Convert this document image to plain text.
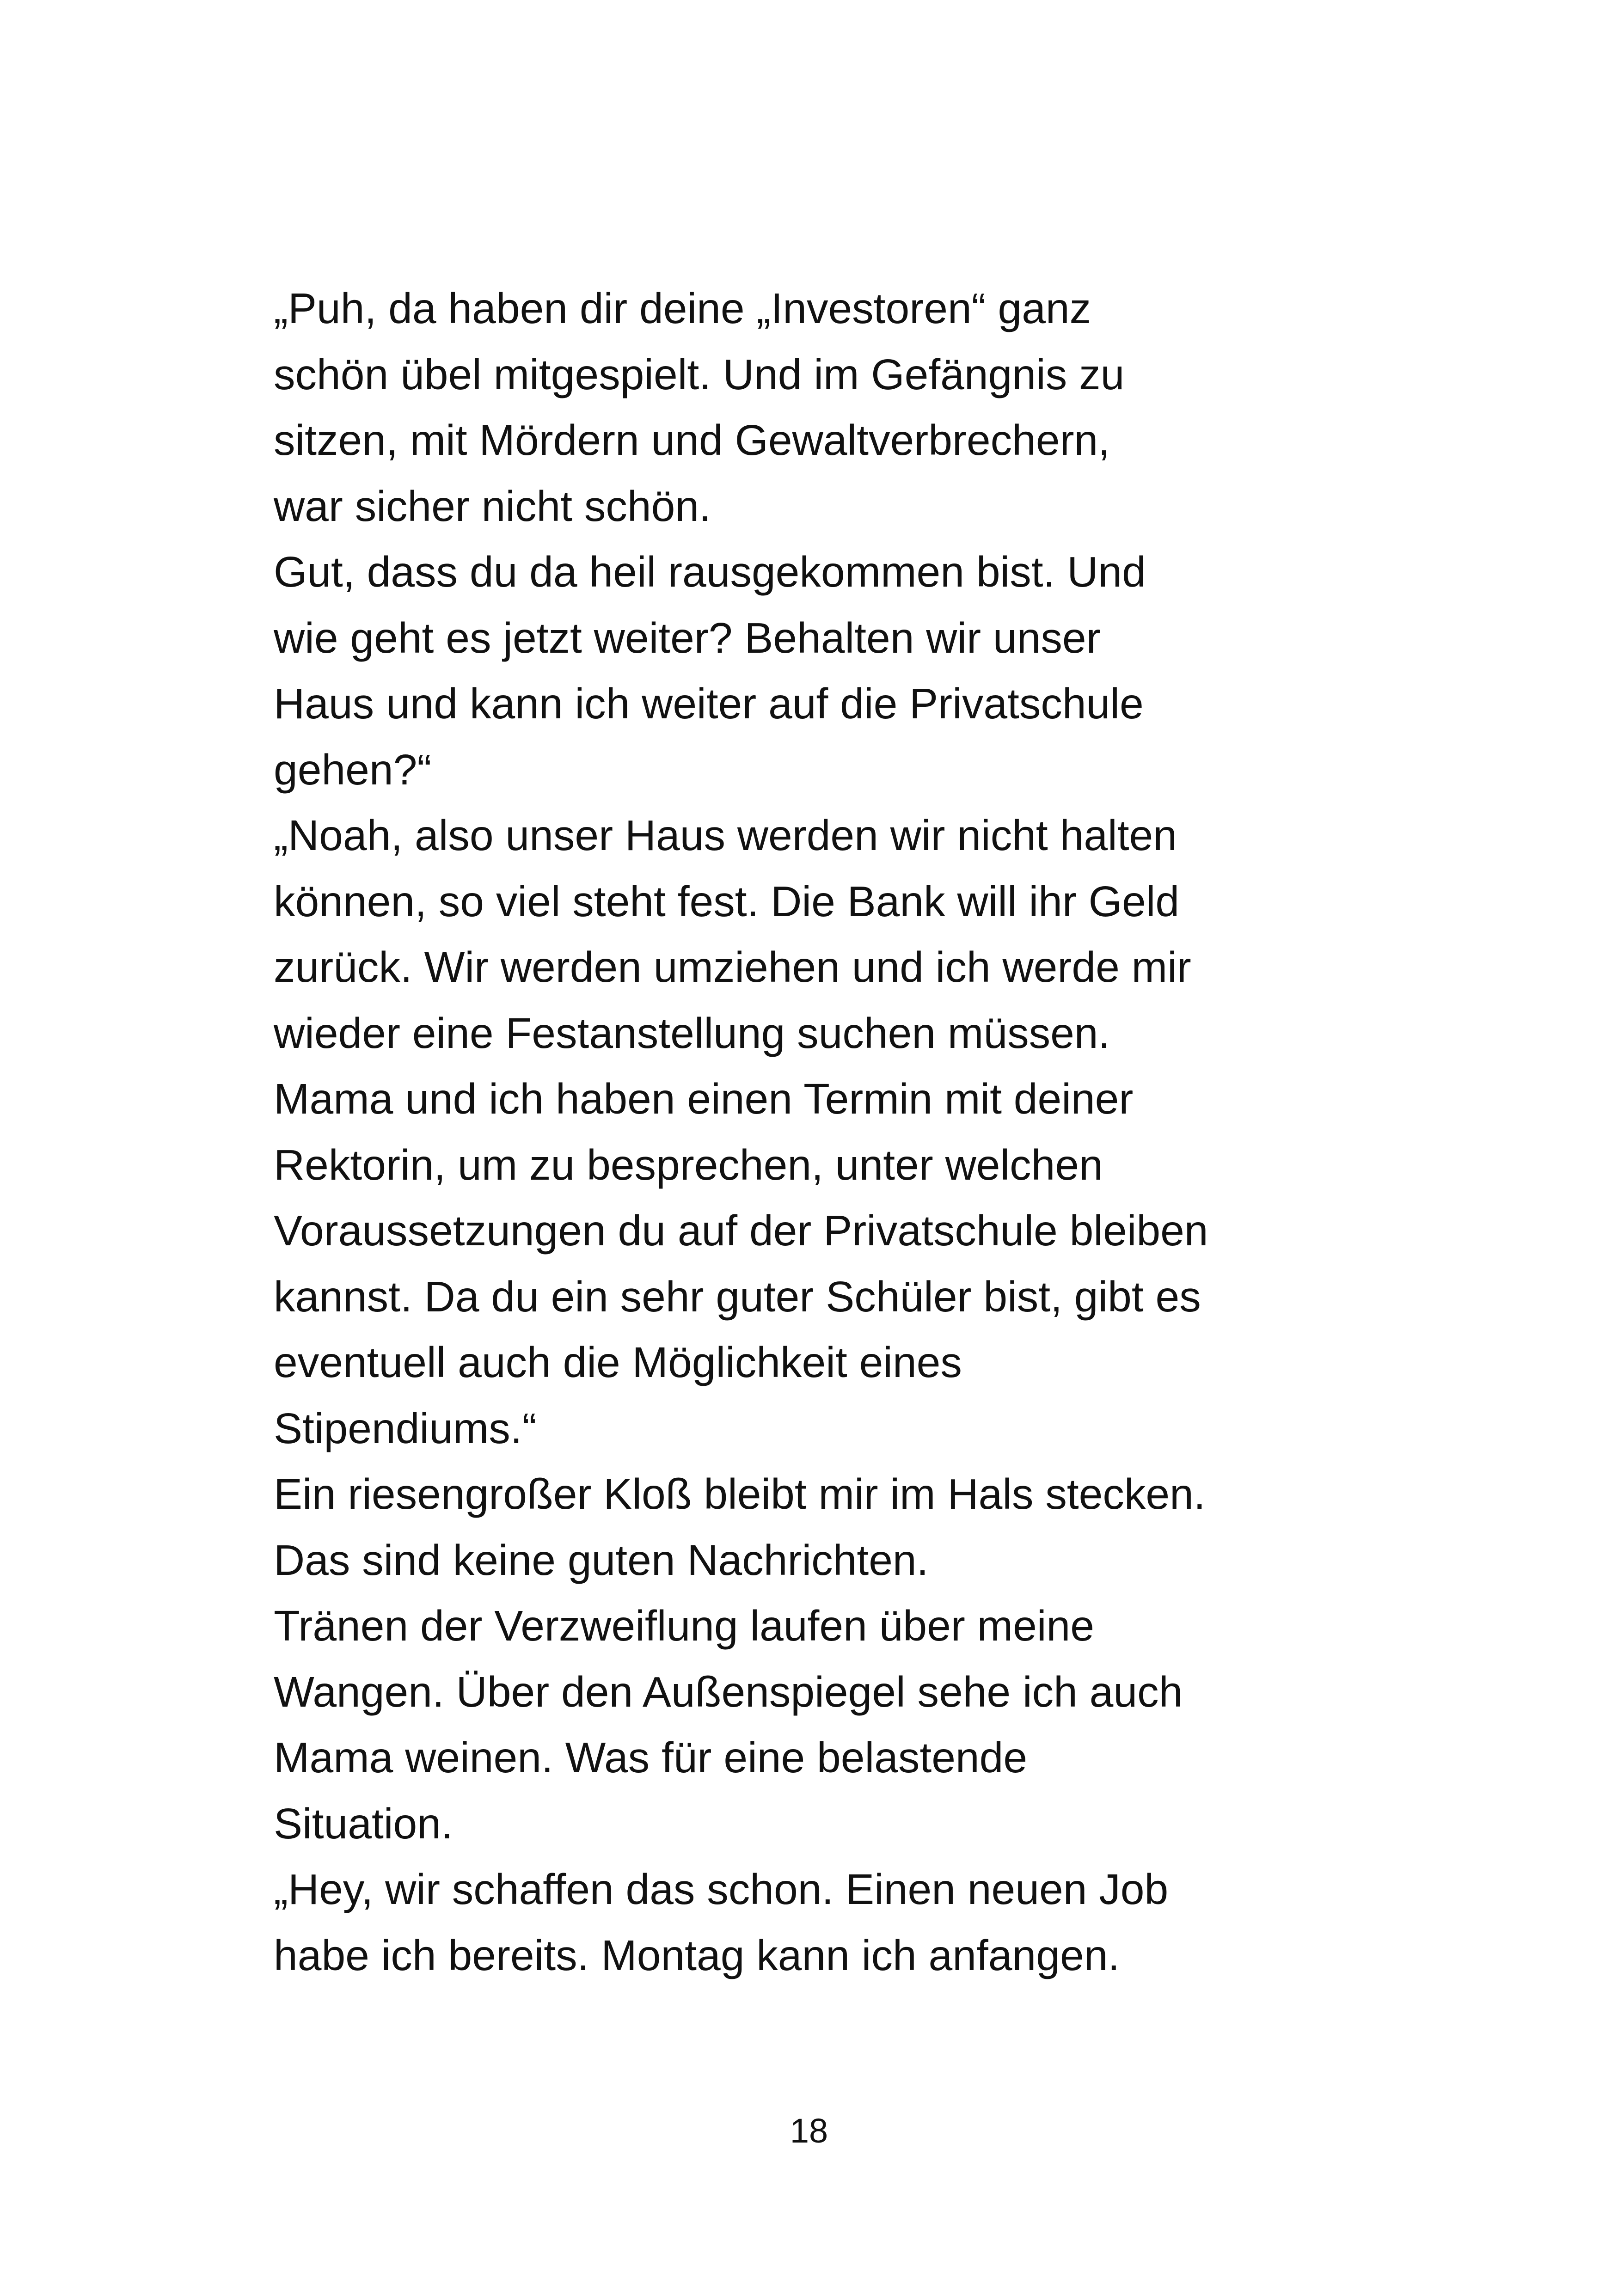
„Puh, da haben dir deine „Investoren“ ganz
schön übel mitgespielt. Und im Gefängnis zu
sitzen, mit Mördern und Gewaltverbrechern,
war sicher nicht schön.
Gut, dass du da heil rausgekommen bist. Und
wie geht es jetzt weiter? Behalten wir unser
Haus und kann ich weiter auf die Privatschule
gehen?“
„Noah, also unser Haus werden wir nicht halten
können, so viel steht fest. Die Bank will ihr Geld
zurück. Wir werden umziehen und ich werde mir
wieder eine Festanstellung suchen müssen.
Mama und ich haben einen Termin mit deiner
Rektorin, um zu besprechen, unter welchen
Voraussetzungen du auf der Privatschule bleiben
kannst. Da du ein sehr guter Schüler bist, gibt es
eventuell auch die Möglichkeit eines
Stipendiums.“
Ein riesengroßer Kloß bleibt mir im Hals stecken.
Das sind keine guten Nachrichten.
Tränen der Verzweiflung laufen über meine
Wangen. Über den Außenspiegel sehe ich auch
Mama weinen. Was für eine belastende
Situation.
„Hey, wir schaffen das schon. Einen neuen Job
habe ich bereits. Montag kann ich anfangen.
18
